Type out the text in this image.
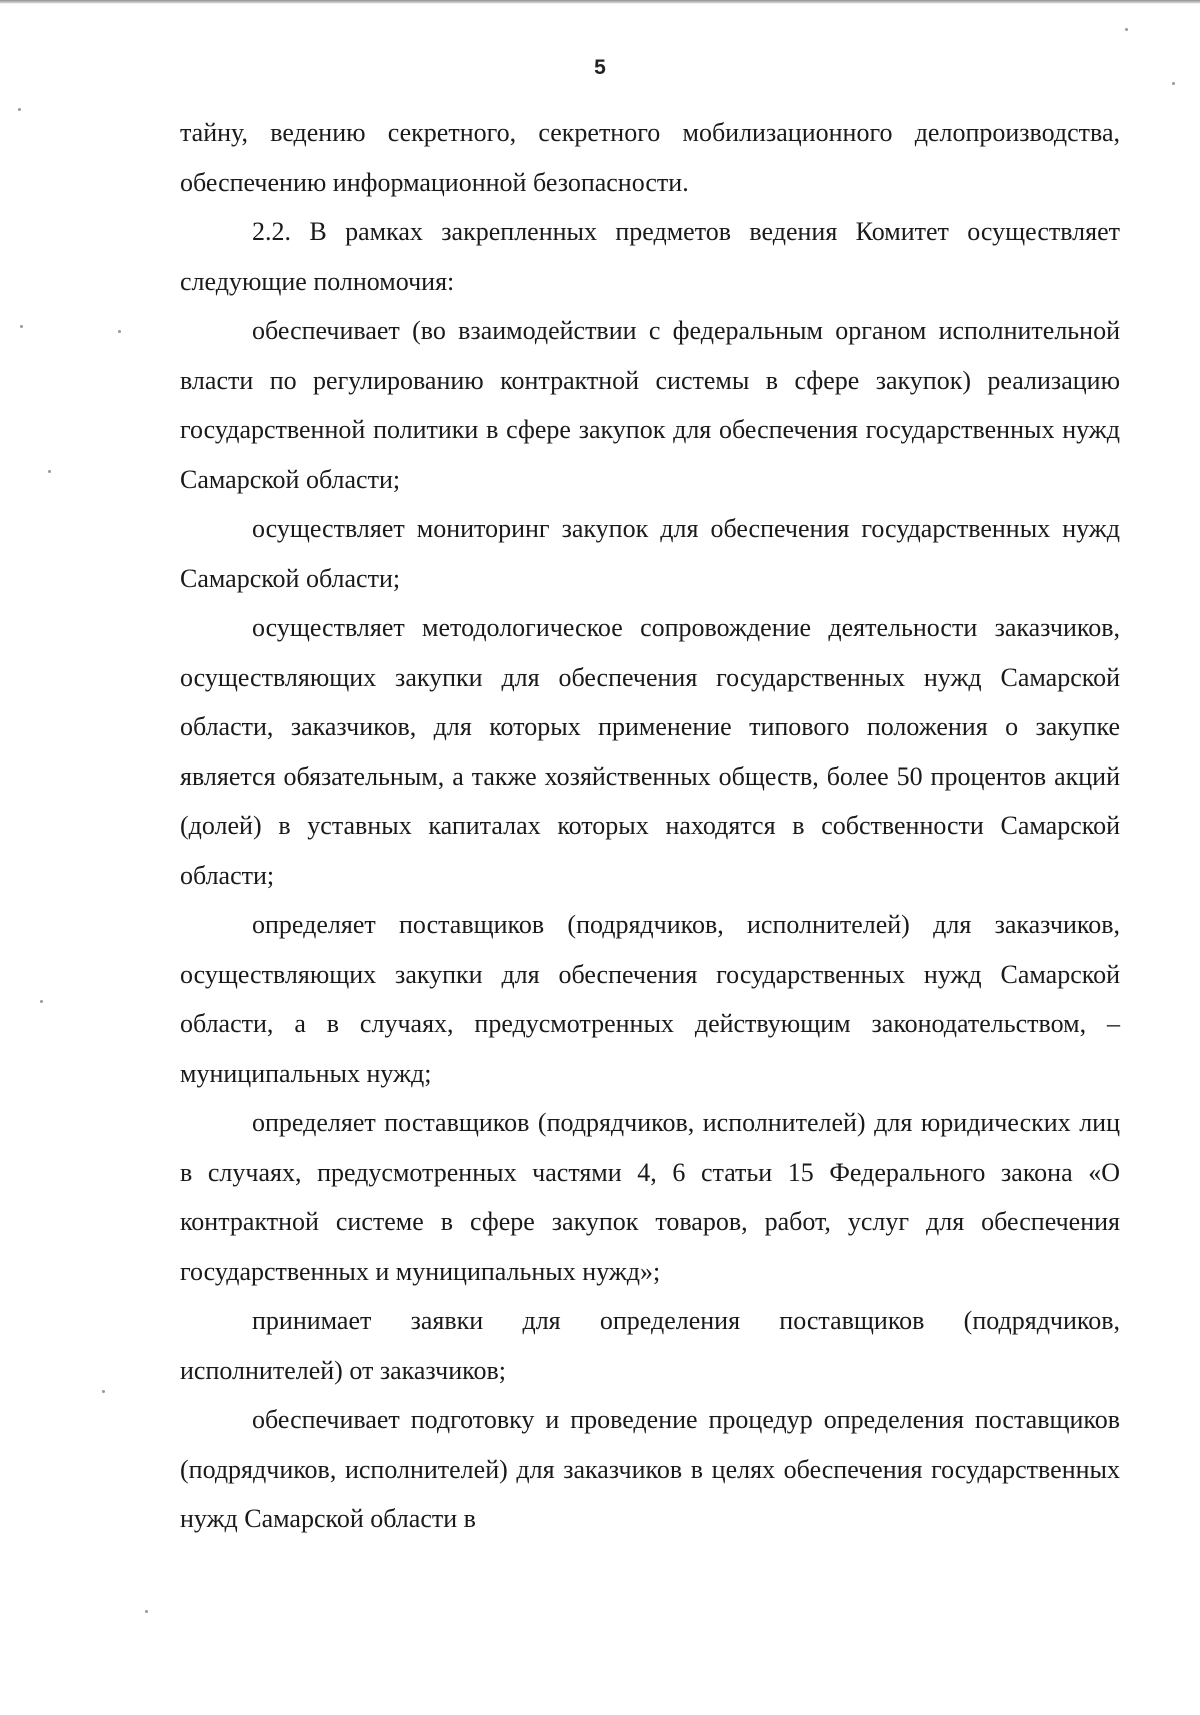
5

тайну, ведению секретного, секретного мобилизационного делопроизводства, обеспечению информационной безопасности.

2.2. В рамках закрепленных предметов ведения Комитет осуществляет следующие полномочия:

обеспечивает (во взаимодействии с федеральным органом исполнительной власти по регулированию контрактной системы в сфере закупок) реализацию государственной политики в сфере закупок для обеспечения государственных нужд Самарской области;

осуществляет мониторинг закупок для обеспечения государственных нужд Самарской области;

осуществляет методологическое сопровождение деятельности заказчиков, осуществляющих закупки для обеспечения государственных нужд Самарской области, заказчиков, для которых применение типового положения о закупке является обязательным, а также хозяйственных обществ, более 50 процентов акций (долей) в уставных капиталах которых находятся в собственности Самарской области;

определяет поставщиков (подрядчиков, исполнителей) для заказчиков, осуществляющих закупки для обеспечения государственных нужд Самарской области, а в случаях, предусмотренных действующим законодательством, – муниципальных нужд;

определяет поставщиков (подрядчиков, исполнителей) для юридических лиц в случаях, предусмотренных частями 4, 6 статьи 15 Федерального закона «О контрактной системе в сфере закупок товаров, работ, услуг для обеспечения государственных и муниципальных нужд»;

принимает заявки для определения поставщиков (подрядчиков, исполнителей) от заказчиков;

обеспечивает подготовку и проведение процедур определения поставщиков (подрядчиков, исполнителей) для заказчиков в целях обеспечения государственных нужд Самарской области в
